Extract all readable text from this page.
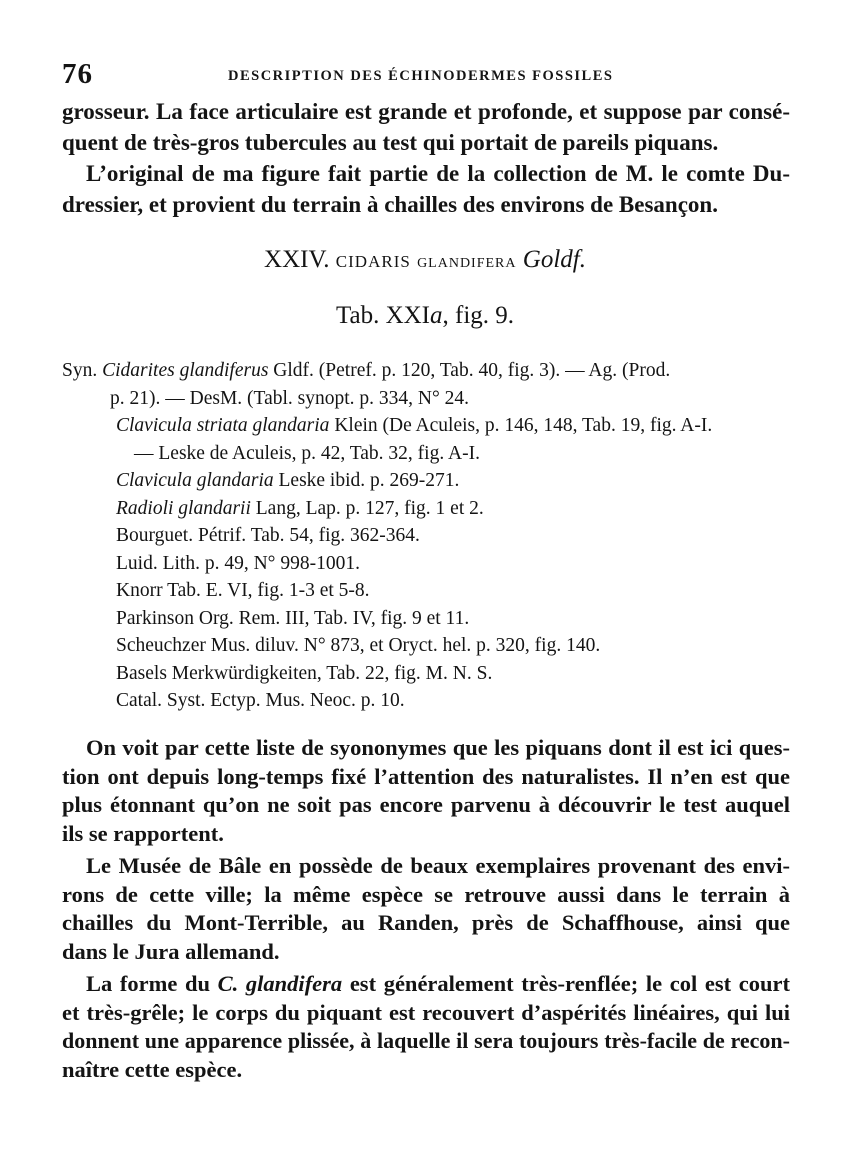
76	DESCRIPTION DES ÉCHINODERMES FOSSILES
grosseur. La face articulaire est grande et profonde, et suppose par consé-
quent de très-gros tubercules au test qui portait de pareils piquans.
L’original de ma figure fait partie de la collection de M. le comte Du-
dressier, et provient du terrain à chailles des environs de Besançon.
XXIV. CIDARIS GLANDIFERA Goldf.
Tab. XXIa, fig. 9.
Syn. Cidarites glandiferus Gldf. (Petref. p. 120, Tab. 40, fig. 3). — Ag. (Prod.
p. 21). — DesM. (Tabl. synopt. p. 334, N° 24.
Clavicula striata glandaria Klein (De Aculeis, p. 146, 148, Tab. 19, fig. A-I.
— Leske de Aculeis, p. 42, Tab. 32, fig. A-I.
Clavicula glandaria Leske ibid. p. 269-271.
Radioli glandarii Lang, Lap. p. 127, fig. 1 et 2.
Bourguet. Pétrif. Tab. 54, fig. 362-364.
Luid. Lith. p. 49, N° 998-1001.
Knorr Tab. E. VI, fig. 1-3 et 5-8.
Parkinson Org. Rem. III, Tab. IV, fig. 9 et 11.
Scheuchzer Mus. diluv. N° 873, et Oryct. hel. p. 320, fig. 140.
Basels Merkwürdigkeiten, Tab. 22, fig. M. N. S.
Catal. Syst. Ectyp. Mus. Neoc. p. 10.
On voit par cette liste de syononymes que les piquans dont il est ici ques-
tion ont depuis long-temps fixé l’attention des naturalistes. Il n’en est que
plus étonnant qu’on ne soit pas encore parvenu à découvrir le test auquel
ils se rapportent.
Le Musée de Bâle en possède de beaux exemplaires provenant des envi-
rons de cette ville; la même espèce se retrouve aussi dans le terrain à
chailles du Mont-Terrible, au Randen, près de Schaffhouse, ainsi que
dans le Jura allemand.
La forme du C. glandifera est généralement très-renflée; le col est court
et très-grêle; le corps du piquant est recouvert d’aspérités linéaires, qui lui
donnent une apparence plissée, à laquelle il sera toujours très-facile de recon-
naître cette espèce.
